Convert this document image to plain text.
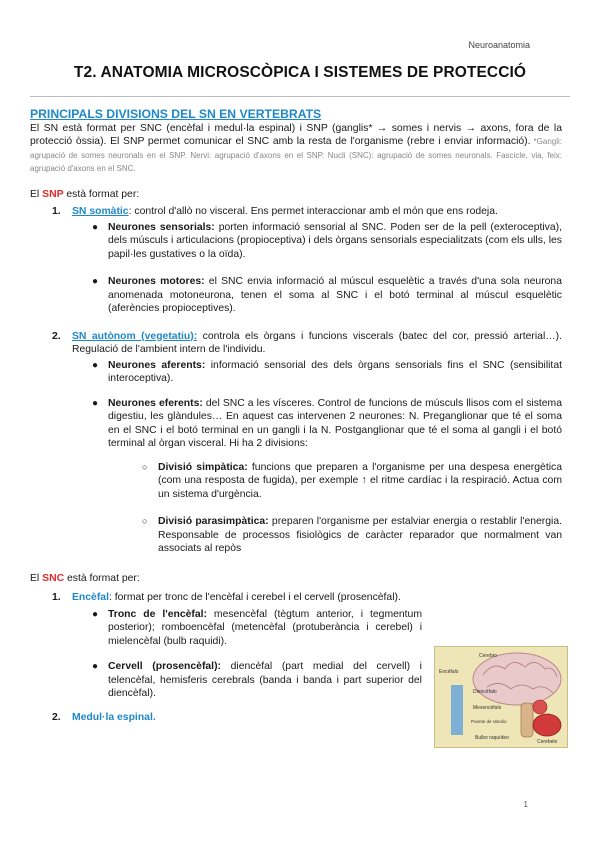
Neuroanatomia
T2. ANATOMIA MICROSCÒPICA I SISTEMES DE PROTECCIÓ

PRINCIPALS DIVISIONS DEL SN EN VERTEBRATS

El SN està format per SNC (encèfal i medul·la espinal) i SNP (ganglis* → somes i nervis → axons, fora de la protecció òssia). El SNP permet comunicar el SNC amb la resta de l'organisme (rebre i enviar informació). *Gangli: agrupació de somes neuronals en el SNP. Nervi: agrupació d'axons en el SNP. Nucli (SNC): agrupació de somes neuronals. Fascicle, via, feix: agrupació d'axons en el SNC.

El SNP està format per:

1. SN somàtic: control d'allò no visceral. Ens permet interaccionar amb el món que ens rodeja.

● Neurones sensorials: porten informació sensorial al SNC. Poden ser de la pell (exteroceptiva), dels músculs i articulacions (propioceptiva) i dels òrgans sensorials especialitzats (com els ulls, les papil·les gustatives o la oïda).

● Neurones motores: el SNC envia informació al múscul esquelètic a través d'una sola neurona anomenada motoneurona, tenen el soma al SNC i el botó terminal al múscul esquelètic (aferències propioceptives).

2. SN autònom (vegetatiu): controla els òrgans i funcions viscerals (batec del cor, pressió arterial…). Regulació de l'ambient intern de l'individu.

● Neurones aferents: informació sensorial des dels òrgans sensorials fins el SNC (sensibilitat interoceptiva).

● Neurones eferents: del SNC a les vísceres. Control de funcions de músculs llisos com el sistema digestiu, les glàndules… En aquest cas intervenen 2 neurones: N. Preganglionar que té el soma en el SNC i el botó terminal en un gangli i la N. Postganglionar que té el soma al gangli i el botó terminal al òrgan visceral. Hi ha 2 divisions:

○ Divisió simpàtica: funcions que preparen a l'organisme per una despesa energètica (com una resposta de fugida), per exemple ↑ el ritme cardíac i la respiració. Actua com un sistema d'urgència.

○ Divisió parasimpàtica: preparen l'organisme per estalviar energia o restablir l'energia. Responsable de processos fisiològics de caràcter reparador que normalment van associats al repòs

El SNC està format per:

1. Encèfal: format per tronc de l'encèfal i cerebel i el cervell (prosencèfal).

● Tronc de l'encèfal: mesencèfal (tègtum anterior, i tegmentum posterior); romboencèfal (metencèfal (protuberància i cerebel) i mielencèfal (bulb raquidi).

● Cervell (prosencèfal): diencèfal (part medial del cervell) i telencèfal, hemisferis cerebrals (banda i banda i part superior del diencèfal).

2. Medul·la espinal.

Cerebro
Encéfalo
Diencéfalo
Mesencéfalo
Bulbo raquídeo
Cerebelo
Puente de Varolio
1
